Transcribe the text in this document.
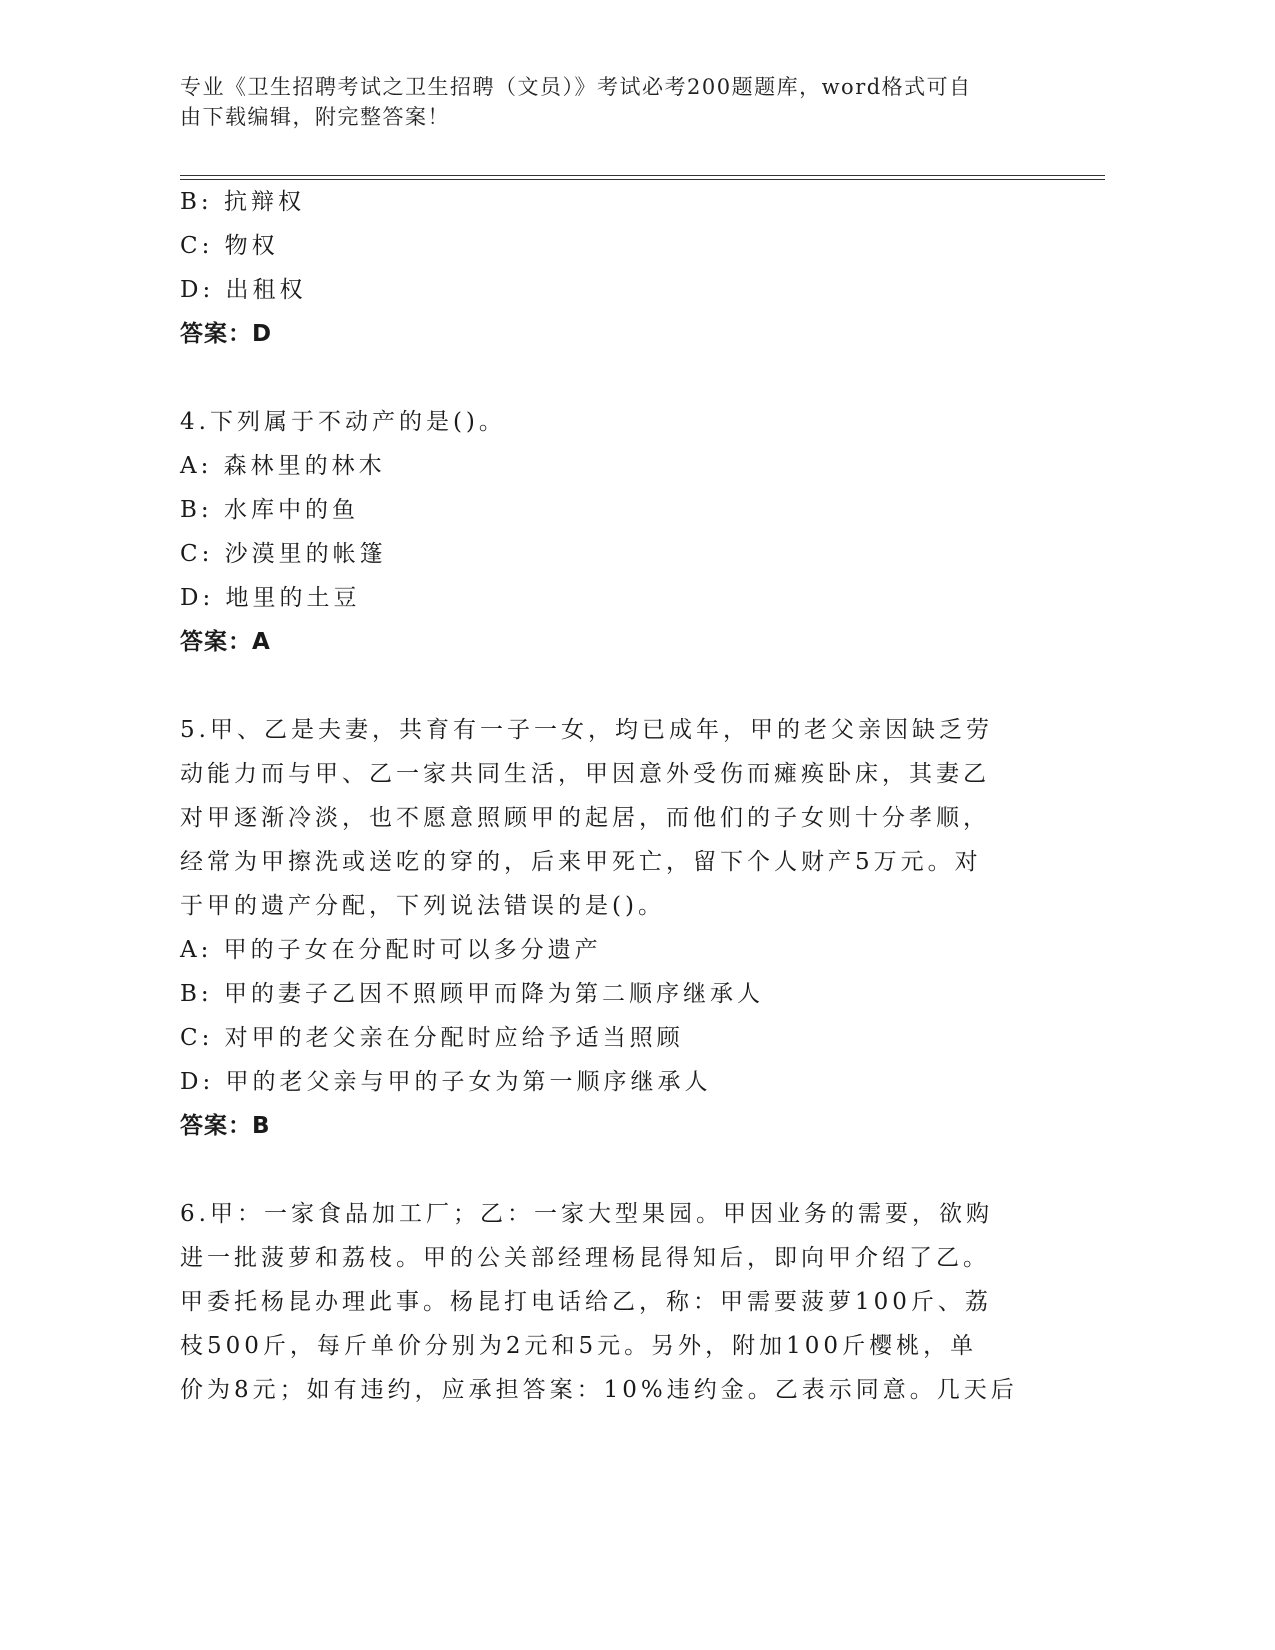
专业《卫生招聘考试之卫生招聘（文员）》考试必考200题题库，word格式可自
由下载编辑，附完整答案！
B: 抗辩权
C: 物权
D: 出租权
答案：D
4.下列属于不动产的是()。
A: 森林里的林木
B: 水库中的鱼
C: 沙漠里的帐篷
D: 地里的土豆
答案：A
5.甲、乙是夫妻，共育有一子一女，均已成年，甲的老父亲因缺乏劳
动能力而与甲、乙一家共同生活，甲因意外受伤而瘫痪卧床，其妻乙
对甲逐渐冷淡，也不愿意照顾甲的起居，而他们的子女则十分孝顺，
经常为甲擦洗或送吃的穿的，后来甲死亡，留下个人财产5万元。对
于甲的遗产分配，下列说法错误的是()。
A: 甲的子女在分配时可以多分遗产
B: 甲的妻子乙因不照顾甲而降为第二顺序继承人
C: 对甲的老父亲在分配时应给予适当照顾
D: 甲的老父亲与甲的子女为第一顺序继承人
答案：B
6.甲：一家食品加工厂；乙：一家大型果园。甲因业务的需要，欲购
进一批菠萝和荔枝。甲的公关部经理杨昆得知后，即向甲介绍了乙。
甲委托杨昆办理此事。杨昆打电话给乙，称：甲需要菠萝100斤、荔
枝500斤，每斤单价分别为2元和5元。另外，附加100斤樱桃，单
价为8元；如有违约，应承担答案：10%违约金。乙表示同意。几天后
